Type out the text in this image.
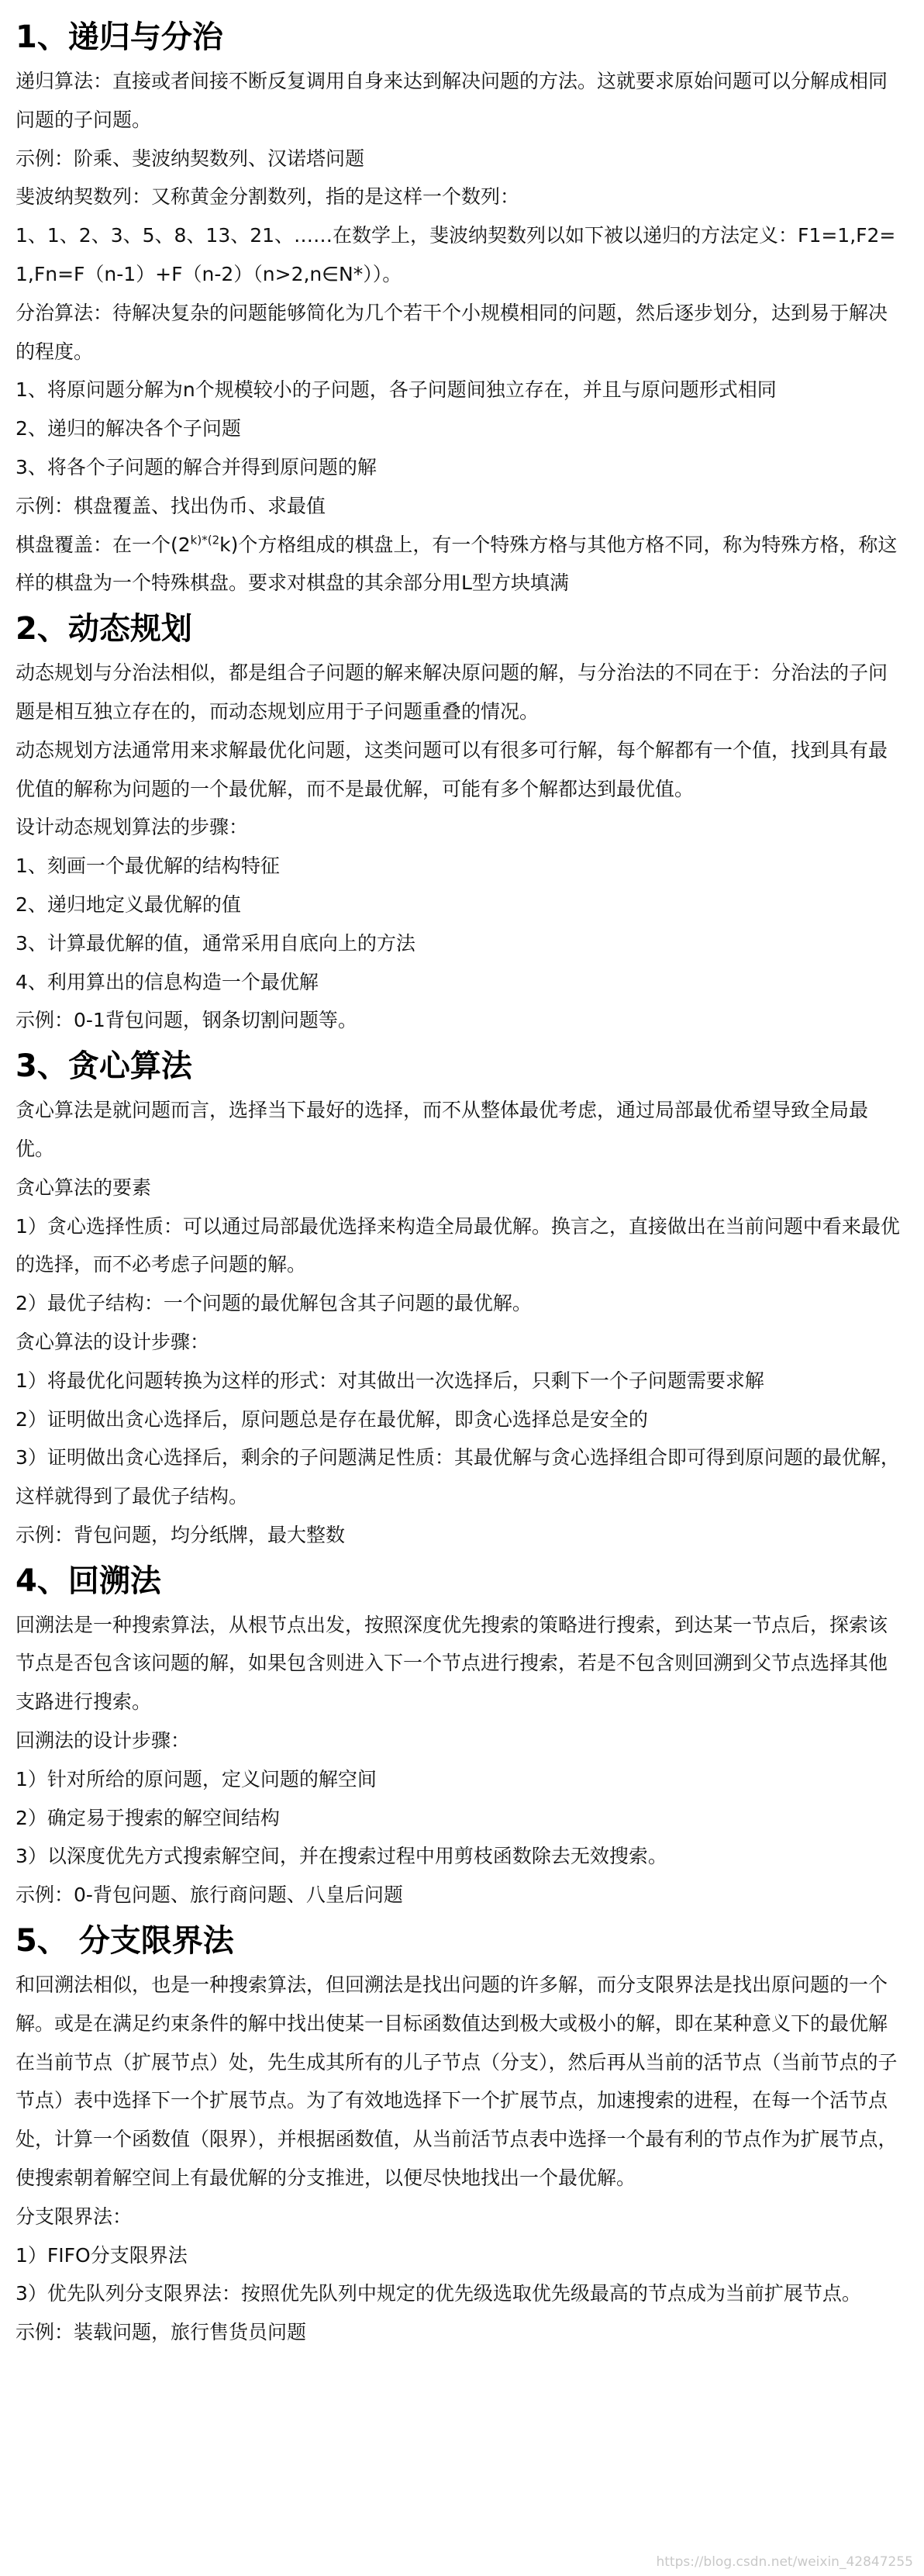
1、递归与分治

递归算法：直接或者间接不断反复调用自身来达到解决问题的方法。这就要求原始问题可以分解成相同问题的子问题。

示例：阶乘、斐波纳契数列、汉诺塔问题

斐波纳契数列：又称黄金分割数列，指的是这样一个数列：

1、1、2、3、5、8、13、21、……在数学上，斐波纳契数列以如下被以递归的方法定义：F1=1,F2=1,Fn=F（n-1）+F（n-2）（n>2,n∈N*））。

分治算法：待解决复杂的问题能够简化为几个若干个小规模相同的问题，然后逐步划分，达到易于解决的程度。

1、将原问题分解为n个规模较小的子问题，各子问题间独立存在，并且与原问题形式相同

2、递归的解决各个子问题

3、将各个子问题的解合并得到原问题的解

示例：棋盘覆盖、找出伪币、求最值

棋盘覆盖：在一个$(2^{k)*(2}k)$个方格组成的棋盘上，有一个特殊方格与其他方格不同，称为特殊方格，称这样的棋盘为一个特殊棋盘。要求对棋盘的其余部分用L型方块填满

2、动态规划

动态规划与分治法相似，都是组合子问题的解来解决原问题的解，与分治法的不同在于：分治法的子问题是相互独立存在的，而动态规划应用于子问题重叠的情况。

动态规划方法通常用来求解最优化问题，这类问题可以有很多可行解，每个解都有一个值，找到具有最优值的解称为问题的一个最优解，而不是最优解，可能有多个解都达到最优值。

设计动态规划算法的步骤：

1、刻画一个最优解的结构特征

2、递归地定义最优解的值

3、计算最优解的值，通常采用自底向上的方法

4、利用算出的信息构造一个最优解

示例：0-1背包问题，钢条切割问题等。

3、贪心算法

贪心算法是就问题而言，选择当下最好的选择，而不从整体最优考虑，通过局部最优希望导致全局最优。

贪心算法的要素

1）贪心选择性质：可以通过局部最优选择来构造全局最优解。换言之，直接做出在当前问题中看来最优的选择，而不必考虑子问题的解。

2）最优子结构：一个问题的最优解包含其子问题的最优解。

贪心算法的设计步骤：

1）将最优化问题转换为这样的形式：对其做出一次选择后，只剩下一个子问题需要求解

2）证明做出贪心选择后，原问题总是存在最优解，即贪心选择总是安全的

3）证明做出贪心选择后，剩余的子问题满足性质：其最优解与贪心选择组合即可得到原问题的最优解，这样就得到了最优子结构。

示例：背包问题，均分纸牌，最大整数

4、回溯法

回溯法是一种搜索算法，从根节点出发，按照深度优先搜索的策略进行搜索，到达某一节点后，探索该节点是否包含该问题的解，如果包含则进入下一个节点进行搜索，若是不包含则回溯到父节点选择其他支路进行搜索。

回溯法的设计步骤：

1）针对所给的原问题，定义问题的解空间

2）确定易于搜索的解空间结构

3）以深度优先方式搜索解空间，并在搜索过程中用剪枝函数除去无效搜索。

示例：0-背包问题、旅行商问题、八皇后问题

5、 分支限界法

和回溯法相似，也是一种搜索算法，但回溯法是找出问题的许多解，而分支限界法是找出原问题的一个解。或是在满足约束条件的解中找出使某一目标函数值达到极大或极小的解，即在某种意义下的最优解

在当前节点（扩展节点）处，先生成其所有的儿子节点（分支），然后再从当前的活节点（当前节点的子节点）表中选择下一个扩展节点。为了有效地选择下一个扩展节点，加速搜索的进程，在每一个活节点处，计算一个函数值（限界），并根据函数值，从当前活节点表中选择一个最有利的节点作为扩展节点，使搜索朝着解空间上有最优解的分支推进，以便尽快地找出一个最优解。

分支限界法：

1）FIFO分支限界法

3）优先队列分支限界法：按照优先队列中规定的优先级选取优先级最高的节点成为当前扩展节点。

示例：装载问题，旅行售货员问题

https://blog.csdn.net/weixin_42847255
